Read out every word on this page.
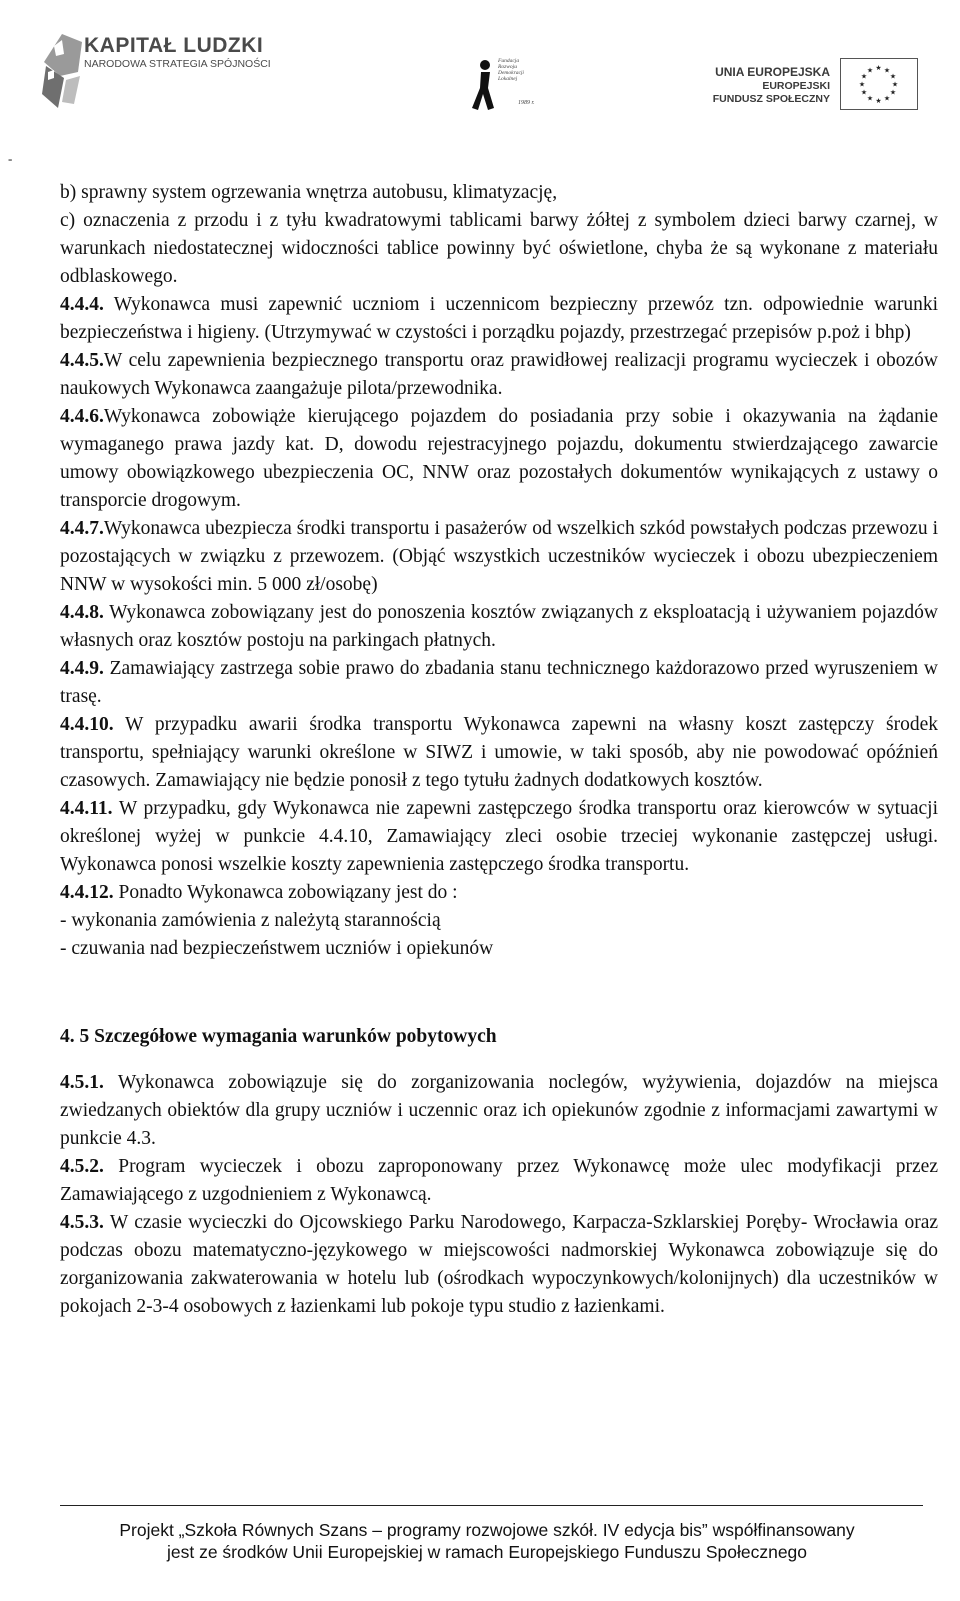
KAPITAŁ LUDZKI
NARODOWA STRATEGIA SPÓJNOŚCI	Fundacja Rozwoju Demokracji Lokalnej
1989 r.
UNIA EUROPEJSKA
EUROPEJSKI
FUNDUSZ SPOŁECZNY
★ ★
★
★
★
★
★
★
★
★
★
★
-

b) sprawny system ogrzewania wnętrza autobusu, klimatyzację,

c) oznaczenia z przodu i z tyłu kwadratowymi tablicami barwy żółtej z symbolem dzieci barwy czarnej, w warunkach niedostatecznej widoczności tablice powinny być oświetlone, chyba że są wykonane z materiału odblaskowego.

4.4.4. Wykonawca musi zapewnić uczniom i uczennicom bezpieczny przewóz tzn. odpowiednie warunki bezpieczeństwa i higieny. (Utrzymywać w czystości i porządku pojazdy, przestrzegać przepisów p.poż i bhp)

4.4.5.W celu zapewnienia bezpiecznego transportu oraz prawidłowej realizacji programu wycieczek i obozów naukowych Wykonawca zaangażuje pilota/przewodnika.

4.4.6.Wykonawca zobowiąże kierującego pojazdem do posiadania przy sobie i okazywania na żądanie wymaganego prawa jazdy kat. D, dowodu rejestracyjnego pojazdu, dokumentu stwierdzającego zawarcie umowy obowiązkowego ubezpieczenia OC, NNW oraz pozostałych dokumentów wynikających z ustawy o transporcie drogowym.

4.4.7.Wykonawca ubezpiecza środki transportu i pasażerów od wszelkich szkód powstałych podczas przewozu i pozostających w związku z przewozem. (Objąć wszystkich uczestników wycieczek i obozu ubezpieczeniem NNW w wysokości min. 5 000 zł/osobę)

4.4.8. Wykonawca zobowiązany jest do ponoszenia kosztów związanych z eksploatacją i używaniem pojazdów własnych oraz kosztów postoju na parkingach płatnych.

4.4.9. Zamawiający zastrzega sobie prawo do zbadania stanu technicznego każdorazowo przed wyruszeniem w trasę.

4.4.10. W przypadku awarii środka transportu Wykonawca zapewni na własny koszt zastępczy środek transportu, spełniający warunki określone w SIWZ i umowie, w taki sposób, aby nie powodować opóźnień czasowych. Zamawiający nie będzie ponosił z tego tytułu żadnych dodatkowych kosztów.

4.4.11. W przypadku, gdy Wykonawca nie zapewni zastępczego środka transportu oraz kierowców w sytuacji określonej wyżej w punkcie 4.4.10, Zamawiający zleci osobie trzeciej wykonanie zastępczej usługi. Wykonawca ponosi wszelkie koszty zapewnienia zastępczego środka transportu.

4.4.12. Ponadto Wykonawca zobowiązany jest do :

- wykonania zamówienia z należytą starannością

- czuwania nad bezpieczeństwem uczniów i opiekunów

4. 5 Szczegółowe wymagania warunków pobytowych

4.5.1. Wykonawca zobowiązuje się do zorganizowania noclegów, wyżywienia, dojazdów na miejsca zwiedzanych obiektów dla grupy uczniów i uczennic oraz ich opiekunów zgodnie z informacjami zawartymi w punkcie 4.3.

4.5.2. Program wycieczek i obozu zaproponowany przez Wykonawcę może ulec modyfikacji przez Zamawiającego z uzgodnieniem z Wykonawcą.

4.5.3. W czasie wycieczki do Ojcowskiego Parku Narodowego, Karpacza-Szklarskiej Poręby- Wrocławia oraz podczas obozu matematyczno-językowego w miejscowości nadmorskiej Wykonawca zobowiązuje się do zorganizowania zakwaterowania w hotelu lub (ośrodkach wypoczynkowych/kolonijnych) dla uczestników w pokojach 2-3-4 osobowych z łazienkami lub pokoje typu studio z łazienkami.

Projekt „Szkoła Równych Szans – programy rozwojowe szkół. IV edycja bis” współfinansowany
jest ze środków Unii Europejskiej w ramach Europejskiego Funduszu Społecznego
